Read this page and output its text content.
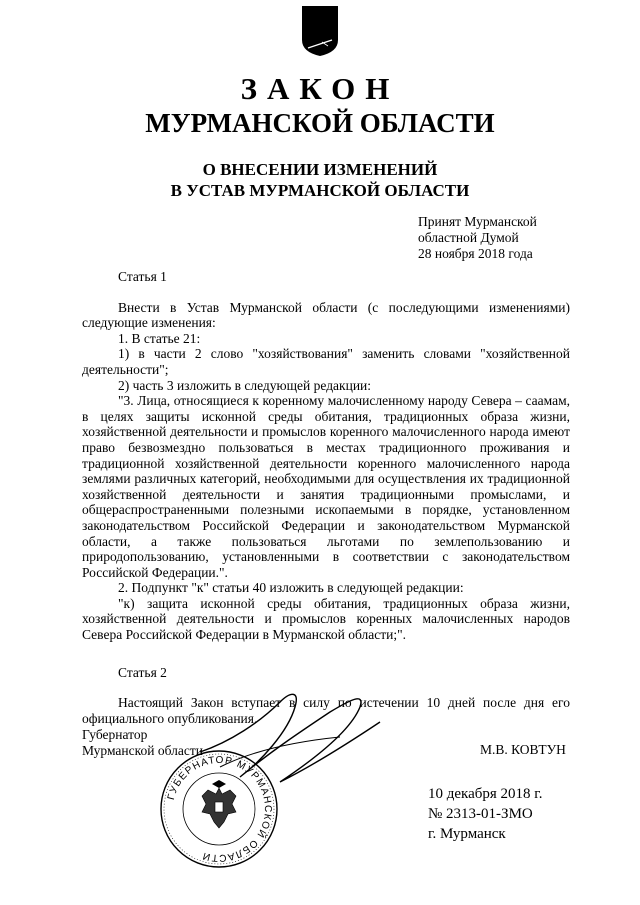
ЗАКОН
МУРМАНСКОЙ ОБЛАСТИ
О ВНЕСЕНИИ ИЗМЕНЕНИЙ
В УСТАВ МУРМАНСКОЙ ОБЛАСТИ
Принят Мурманской
областной Думой
28 ноября 2018 года

Статья 1

Внести в Устав Мурманской области (с последующими изменениями) следующие изменения:

1. В статье 21:

1) в части 2 слово "хозяйствования" заменить словами "хозяйственной деятельности";

2) часть 3 изложить в следующей редакции:

"3. Лица, относящиеся к коренному малочисленному народу Севера – саамам, в целях защиты исконной среды обитания, традиционных образа жизни, хозяйственной деятельности и промыслов коренного малочисленного народа имеют право безвозмездно пользоваться в местах традиционного проживания и традиционной хозяйственной деятельности коренного малочисленного народа землями различных категорий, необходимыми для осуществления их традиционной хозяйственной деятельности и занятия традиционными промыслами, и общераспространенными полезными ископаемыми в порядке, установленном законодательством Российской Федерации и законодательством Мурманской области, а также пользоваться льготами по землепользованию и природопользованию, установленными в соответствии с законодательством Российской Федерации.".

2. Подпункт "к" статьи 40 изложить в следующей редакции:

"к) защита исконной среды обитания, традиционных образа жизни, хозяйственной деятельности и промыслов коренных малочисленных народов Севера Российской Федерации в Мурманской области;".

Статья 2

Настоящий Закон вступает в силу по истечении 10 дней после дня его официального опубликования.

Губернатор
Мурманской области	М.В. КОВТУН
ГУБЕРНАТОР МУРМАНСКОЙ ОБЛАСТИ
10 декабря 2018 г.
№ 2313-01-ЗМО
г. Мурманск
